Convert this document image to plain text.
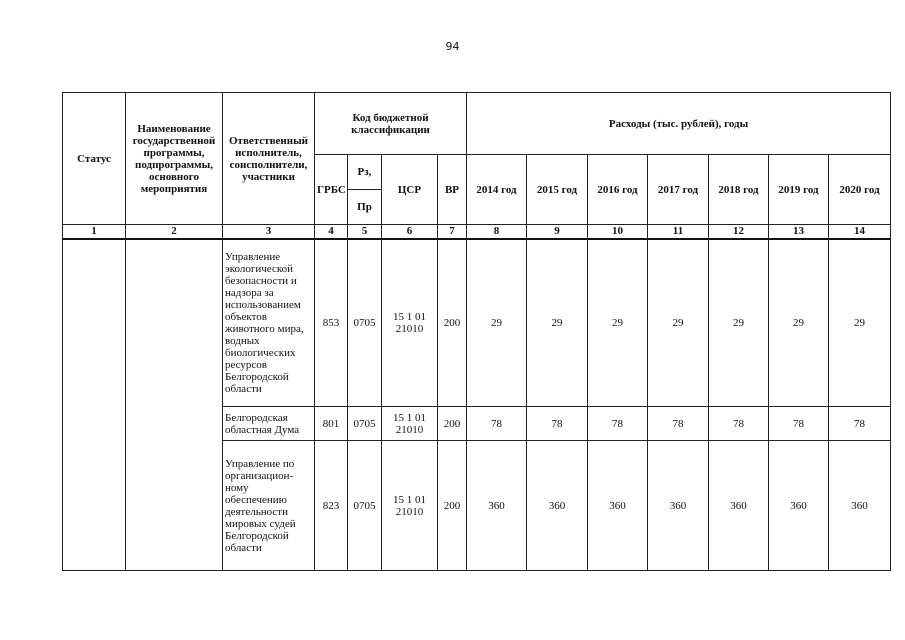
94
Статус	Наименование государственной программы, подпрограммы, основного мероприятия	Ответственный исполнитель, соисполнители, участники	Код бюджетной классификации				Расходы (тыс. рублей), годы						
			ГРБС	Рз,	ЦСР	ВР	2014 год	2015 год	2016 год	2017 год	2018 год	2019 год	2020 год
				Пр									
1	2	3	4	5	6	7	8	9	10	11	12	13	14
		Управление экологической безопасности и надзора за использованием объектов животного мира, водных биологических ресурсов Белгородской области	853	0705	15 1 01 21010	200	29	29	29	29	29	29	29
		Белгородская областная Дума	801	0705	15 1 01 21010	200	78	78	78	78	78	78	78
		Управление по организацион-ному обеспечению деятельности мировых судей Белгородской области	823	0705	15 1 01 21010	200	360	360	360	360	360	360	360
